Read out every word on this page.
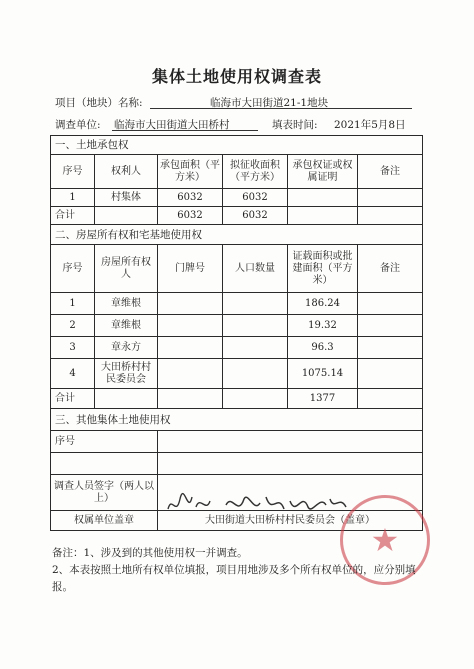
集体土地使用权调查表
项目（地块）名称:	临海市大田街道21-1地块
调查单位: 临海市大田街道大田桥村	填表时间: 2021年5月8日
一、土地承包权					
序号	权利人	承包面积（平方米）	拟征收面积（平方米）	承包权证或权属证明	备注
1	村集体	6032	6032		
合计		6032	6032		
二、房屋所有权和宅基地使用权					
序号	房屋所有权人	门牌号	人口数量	证载面积或批建面积（平方米）	备注
1	章维根			186.24	
2	章维根			19.32	
3	章永方			96.3	
4	大田桥村村民委员会			1075.14	
合计				1377	
三、其他集体土地使用权					
序号					

调查人员签字（两人以上）					
权属单位盖章		大田街道大田桥村村民委员会（盖章）			
★
备注：1、涉及到的其他使用权一并调查。
2、本表按照土地所有权单位填报，项目用地涉及多个所有权单位的，应分别填报。
